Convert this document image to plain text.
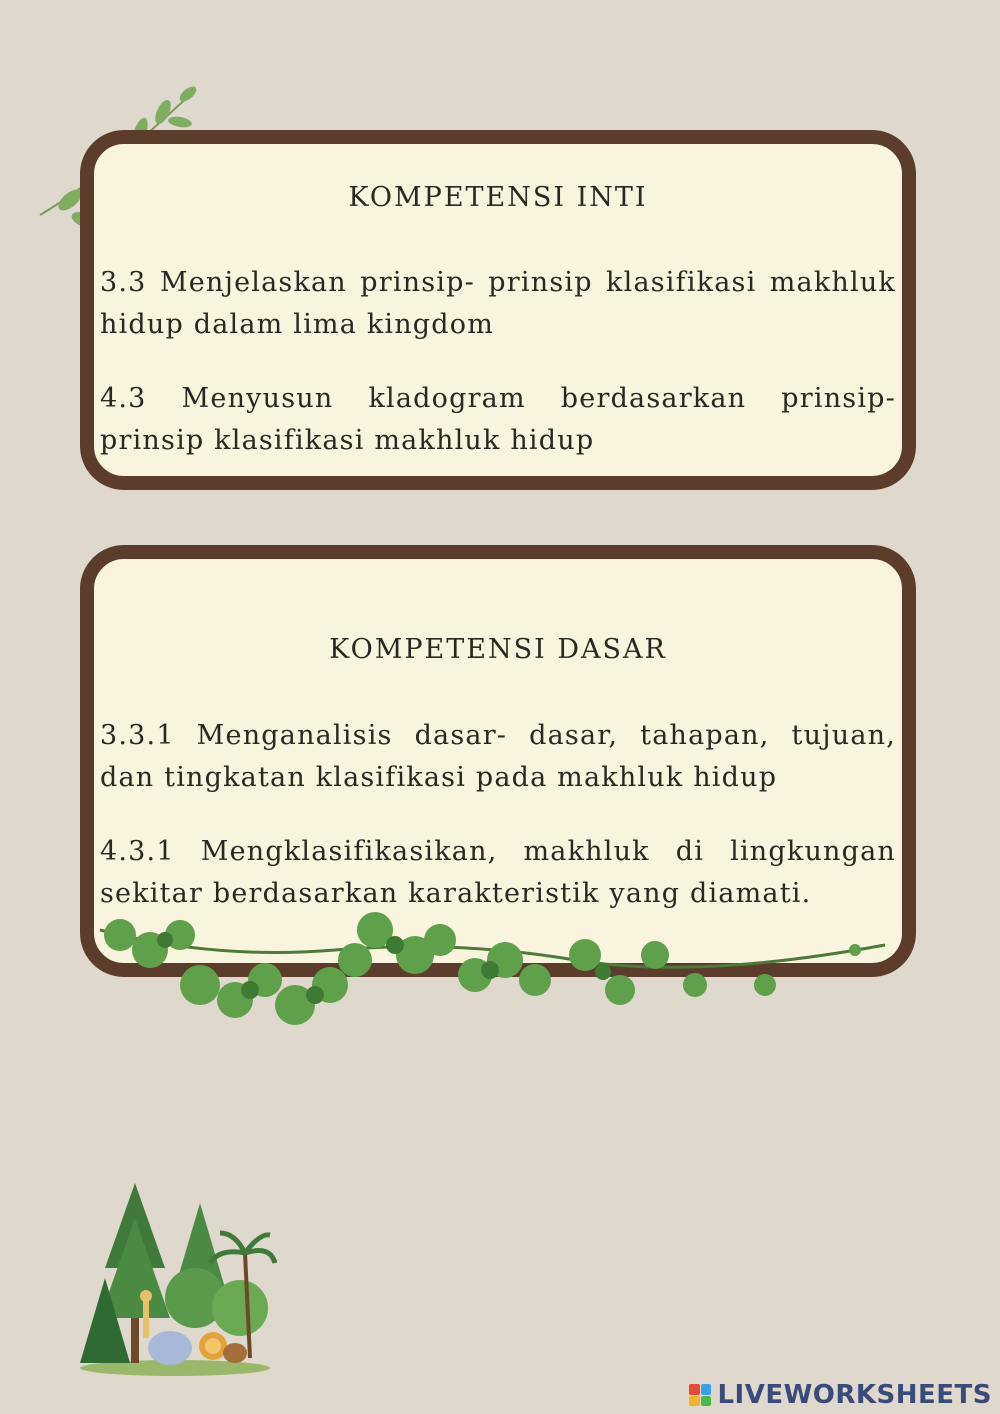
KOMPETENSI INTI

3.3 Menjelaskan prinsip- prinsip klasifikasi makhluk hidup dalam lima kingdom

4.3 Menyusun kladogram berdasarkan prinsip-prinsip klasifikasi makhluk hidup

KOMPETENSI DASAR

3.3.1 Menganalisis dasar- dasar, tahapan, tujuan, dan tingkatan klasifikasi pada makhluk hidup

4.3.1 Mengklasifikasikan, makhluk di lingkungan sekitar berdasarkan karakteristik yang diamati.

LIVEWORKSHEETS
